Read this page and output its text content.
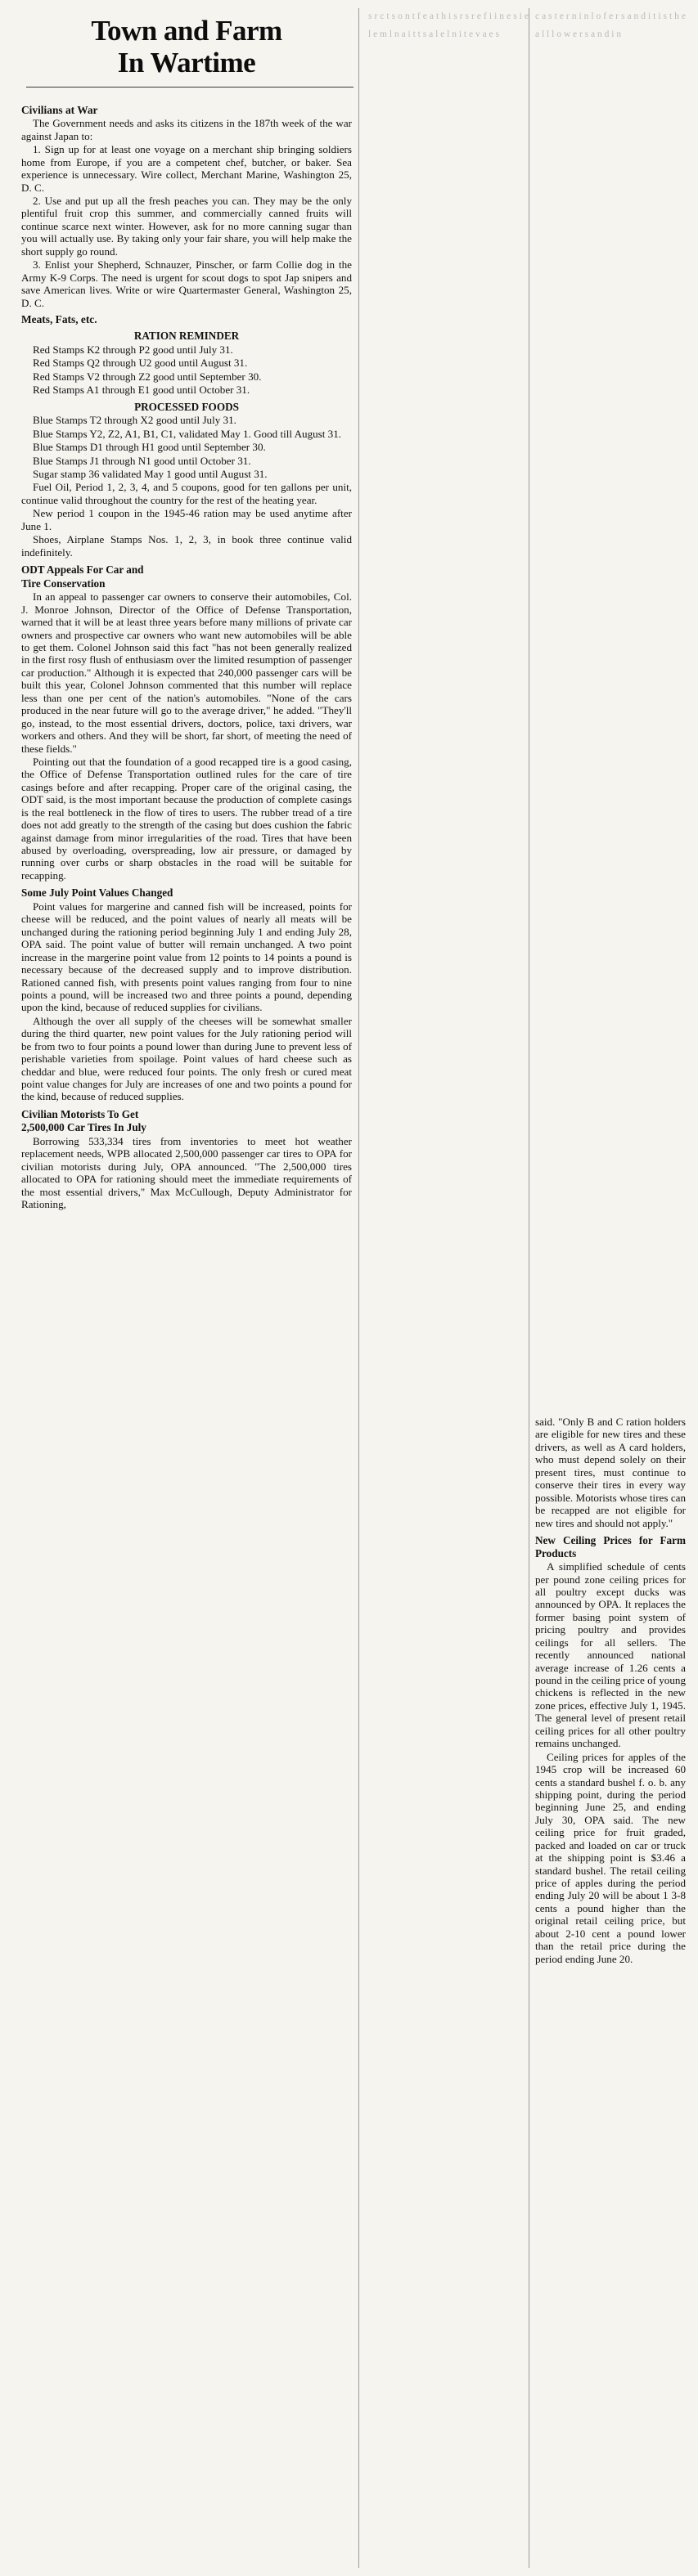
Town and Farm
In Wartime

Civilians at War

The Government needs and asks its citizens in the 187th week of the war against Japan to:

1. Sign up for at least one voyage on a merchant ship bringing soldiers home from Europe, if you are a competent chef, butcher, or baker. Sea experience is unnecessary. Wire collect, Merchant Marine, Washington 25, D. C.

2. Use and put up all the fresh peaches you can. They may be the only plentiful fruit crop this summer, and commercially canned fruits will continue scarce next winter. However, ask for no more canning sugar than you will actually use. By taking only your fair share, you will help make the short supply go round.

3. Enlist your Shepherd, Schnauzer, Pinscher, or farm Collie dog in the Army K-9 Corps. The need is urgent for scout dogs to spot Jap snipers and save American lives. Write or wire Quartermaster General, Washington 25, D. C.

Meats, Fats, etc.

RATION REMINDER

Red Stamps K2 through P2 good until July 31.

Red Stamps Q2 through U2 good until August 31.

Red Stamps V2 through Z2 good until September 30.

Red Stamps A1 through E1 good until October 31.

PROCESSED FOODS

Blue Stamps T2 through X2 good until July 31.

Blue Stamps Y2, Z2, A1, B1, C1, validated May 1. Good till August 31.

Blue Stamps D1 through H1 good until September 30.

Blue Stamps J1 through N1 good until October 31.

Sugar stamp 36 validated May 1 good until August 31.

Fuel Oil, Period 1, 2, 3, 4, and 5 coupons, good for ten gallons per unit, continue valid throughout the country for the rest of the heating year.

New period 1 coupon in the 1945-46 ration may be used anytime after June 1.

Shoes, Airplane Stamps Nos. 1, 2, 3, in book three continue valid indefinitely.

ODT Appeals For Car and

Tire Conservation

In an appeal to passenger car owners to conserve their automobiles, Col. J. Monroe Johnson, Director of the Office of Defense Transportation, warned that it will be at least three years before many millions of private car owners and prospective car owners who want new automobiles will be able to get them. Colonel Johnson said this fact "has not been generally realized in the first rosy flush of enthusiasm over the limited resumption of passenger car production." Although it is expected that 240,000 passenger cars will be built this year, Colonel Johnson commented that this number will replace less than one per cent of the nation's automobiles. "None of the cars produced in the near future will go to the average driver," he added. "They'll go, instead, to the most essential drivers, doctors, police, taxi drivers, war workers and others. And they will be short, far short, of meeting the need of these fields."

Pointing out that the foundation of a good recapped tire is a good casing, the Office of Defense Transportation outlined rules for the care of tire casings before and after recapping. Proper care of the original casing, the ODT said, is the most important because the production of complete casings is the real bottleneck in the flow of tires to users. The rubber tread of a tire does not add greatly to the strength of the casing but does cushion the fabric against damage from minor irregularities of the road. Tires that have been abused by overloading, overspreading, low air pressure, or damaged by running over curbs or sharp obstacles in the road will be suitable for recapping.

Some July Point Values Changed

Point values for margerine and canned fish will be increased, points for cheese will be reduced, and the point values of nearly all meats will be unchanged during the rationing period beginning July 1 and ending July 28, OPA said. The point value of butter will remain unchanged. A two point increase in the margerine point value from 12 points to 14 points a pound is necessary because of the decreased supply and to improve distribution. Rationed canned fish, with presents point values ranging from four to nine points a pound, will be increased two and three points a pound, depending upon the kind, because of reduced supplies for civilians.

Although the over all supply of the cheeses will be somewhat smaller during the third quarter, new point values for the July rationing period will be from two to four points a pound lower than during June to prevent less of perishable varieties from spoilage. Point values of hard cheese such as cheddar and blue, were reduced four points. The only fresh or cured meat point value changes for July are increases of one and two points a pound for the kind, because of reduced supplies.

Civilian Motorists To Get

2,500,000 Car Tires In July

Borrowing 533,334 tires from inventories to meet hot weather replacement needs, WPB allocated 2,500,000 passenger car tires to OPA for civilian motorists during July, OPA announced. "The 2,500,000 tires allocated to OPA for rationing should meet the immediate requirements of the most essential drivers," Max McCullough, Deputy Administrator for Rationing,

s r c t s o n t f e a t h i s r s r e f i i n e s i e l e m l n a i t t s a l e l n i t e v a e s

c a s t e r n i n l o f e r s a n d i t i s t h e a l l l o w e r s a n d i n

said. "Only B and C ration holders are eligible for new tires and these drivers, as well as A card holders, who must depend solely on their present tires, must continue to conserve their tires in every way possible. Motorists whose tires can be recapped are not eligible for new tires and should not apply."

New Ceiling Prices for Farm Products

A simplified schedule of cents per pound zone ceiling prices for all poultry except ducks was announced by OPA. It replaces the former basing point system of pricing poultry and provides ceilings for all sellers. The recently announced national average increase of 1.26 cents a pound in the ceiling price of young chickens is reflected in the new zone prices, effective July 1, 1945. The general level of present retail ceiling prices for all other poultry remains unchanged.

Ceiling prices for apples of the 1945 crop will be increased 60 cents a standard bushel f. o. b. any shipping point, during the period beginning June 25, and ending July 30, OPA said. The new ceiling price for fruit graded, packed and loaded on car or truck at the shipping point is $3.46 a standard bushel. The retail ceiling price of apples during the period ending July 20 will be about 1 3-8 cents a pound higher than the original retail ceiling price, but about 2-10 cent a pound lower than the retail price during the period ending June 20.
